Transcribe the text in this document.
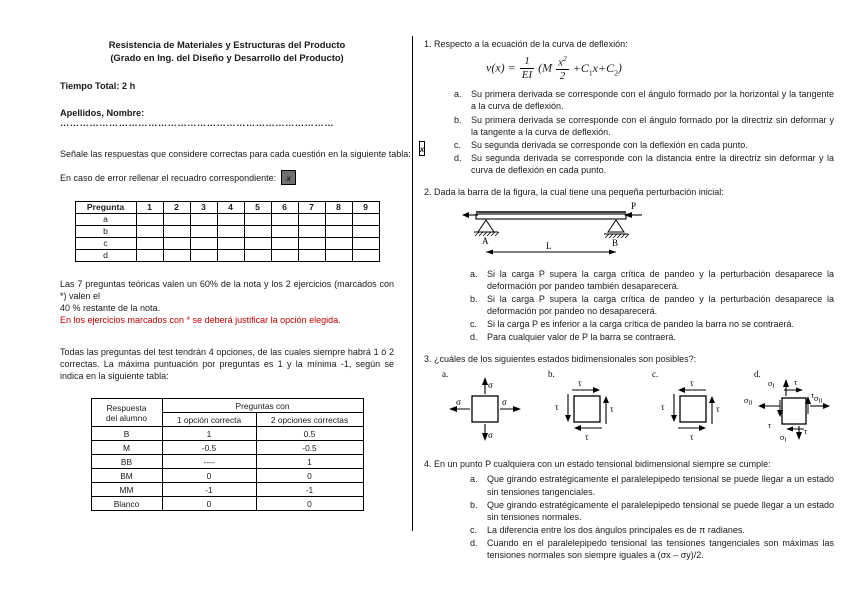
Resistencia de Materiales y Estructuras del Producto
(Grado en Ing. del Diseño y Desarrollo del Producto)
Tiempo Total: 2 h
Apellidos, Nombre: …………………………………………………………………………
Señale las respuestas que considere correctas para cada cuestión en la siguiente tabla: x
En caso de error rellenar el recuadro correspondiente:	x
Pregunta	1	2	3	4	5	6	7	8	9
a									
b									
c									
d									
Las 7 preguntas teóricas valen un 60% de la nota y los 2 ejercicios (marcados con *) valen el
40 % restante de la nota.
En los ejercicios marcados con * se deberá justificar la opción elegida.
Todas las preguntas del test tendrán 4 opciones, de las cuales siempre habrá 1 ó 2 correctas. La máxima puntuación por preguntas es 1 y la mínima -1, según se indica en la siguiente tabla:
Respuesta
del alumno	Preguntas con	
	1 opción correcta	2 opciones correctas
B	1	0.5
M	-0.5	-0.5
BB	----	1
BM	0	0
MM	-1	-1
Blanco	0	0
1. Respecto a la ecuación de la curva de deflexión:
$v(x) = \frac{1}{EI} (M \frac{x^2}{2} +C_1x+C_2)$
a. Su primera derivada se corresponde con el ángulo formado por la horizontal y la tangente a la curva de deflexión.
b. Su primera derivada se corresponde con el ángulo formado por la directriz sin deformar y la tangente a la curva de deflexión.
c. Su segunda derivada se corresponde con la deflexión en cada punto.
d. Su segunda derivada se corresponde con la distancia entre la directriz sin deformar y la curva de deflexión en cada punto.
2. Dada la barra de la figura, la cual tiene una pequeña perturbación inicial:
P
A	B
L
a. Si la carga P supera la carga crítica de pandeo y la perturbación desaparece la deformación por pandeo también desaparecerá.
b. Si la carga P supera la carga crítica de pandeo y la perturbación desaparece la deformación por pandeo no desaparecerá.
c. Si la carga P es inferior a la carga crítica de pandeo la barra no se contraerá.
d. Para cualquier valor de P la barra se contraerá.
3. ¿cuáles de los siguientes estados bidimensionales son posibles?:
a.
σ
σ
σ	σ
b.
τ
τ
τ	τ
c.
τ
τ
τ	τ
d.
σI τ
σII
τ
σII
τ
σI
τ
4. En un punto P cualquiera con un estado tensional bidimensional siempre se cumple:
a. Que girando estratégicamente el paralelepipedo tensional se puede llegar a un estado sin tensiones tangenciales.
b. Que girando estratégicamente el paralelepipedo tensional se puede llegar a un estado sin tensiones normales.
c. La diferencia entre los dos ángulos principales es de π radianes.
d. Cuando en el paralelepipedo tensional las tensiones tangenciales son máximas las tensiones normales son siempre iguales a (σx – σy)/2.
